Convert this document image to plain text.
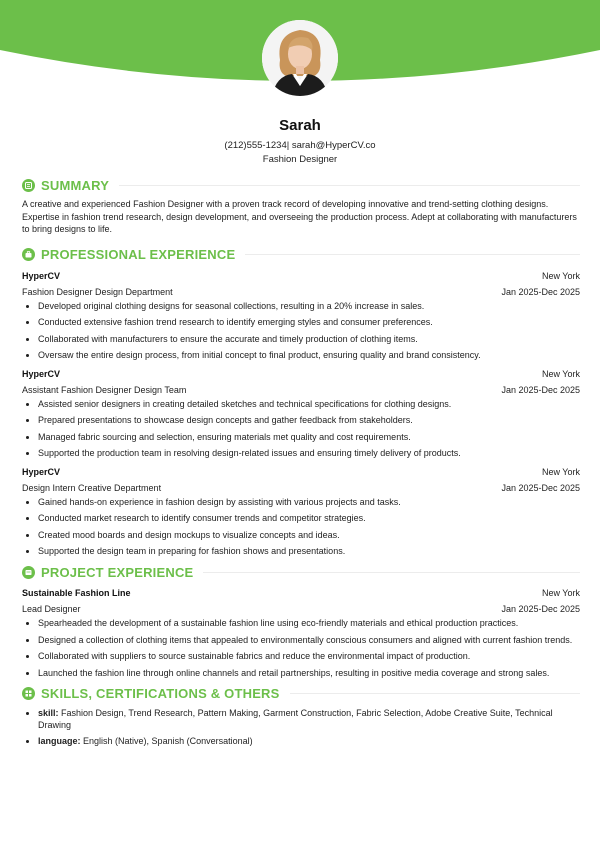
Sarah
(212)555-1234| sarah@HyperCV.co
Fashion Designer
SUMMARY
A creative and experienced Fashion Designer with a proven track record of developing innovative and trend-setting clothing designs. Expertise in fashion trend research, design development, and overseeing the production process. Adept at collaborating with manufacturers to bring designs to life.
PROFESSIONAL EXPERIENCE
HyperCV	New York
Fashion Designer Design Department	Jan 2025-Dec 2025
• Developed original clothing designs for seasonal collections, resulting in a 20% increase in sales.
• Conducted extensive fashion trend research to identify emerging styles and consumer preferences.
• Collaborated with manufacturers to ensure the accurate and timely production of clothing items.
• Oversaw the entire design process, from initial concept to final product, ensuring quality and brand consistency.
HyperCV	New York
Assistant Fashion Designer Design Team	Jan 2025-Dec 2025
• Assisted senior designers in creating detailed sketches and technical specifications for clothing designs.
• Prepared presentations to showcase design concepts and gather feedback from stakeholders.
• Managed fabric sourcing and selection, ensuring materials met quality and cost requirements.
• Supported the production team in resolving design-related issues and ensuring timely delivery of products.
HyperCV	New York
Design Intern Creative Department	Jan 2025-Dec 2025
• Gained hands-on experience in fashion design by assisting with various projects and tasks.
• Conducted market research to identify consumer trends and competitor strategies.
• Created mood boards and design mockups to visualize concepts and ideas.
• Supported the design team in preparing for fashion shows and presentations.
PROJECT EXPERIENCE
Sustainable Fashion Line	New York
Lead Designer	Jan 2025-Dec 2025
• Spearheaded the development of a sustainable fashion line using eco-friendly materials and ethical production practices.
• Designed a collection of clothing items that appealed to environmentally conscious consumers and aligned with current fashion trends.
• Collaborated with suppliers to source sustainable fabrics and reduce the environmental impact of production.
• Launched the fashion line through online channels and retail partnerships, resulting in positive media coverage and strong sales.
SKILLS, CERTIFICATIONS & OTHERS
• skill: Fashion Design, Trend Research, Pattern Making, Garment Construction, Fabric Selection, Adobe Creative Suite, Technical Drawing
• language: English (Native), Spanish (Conversational)
